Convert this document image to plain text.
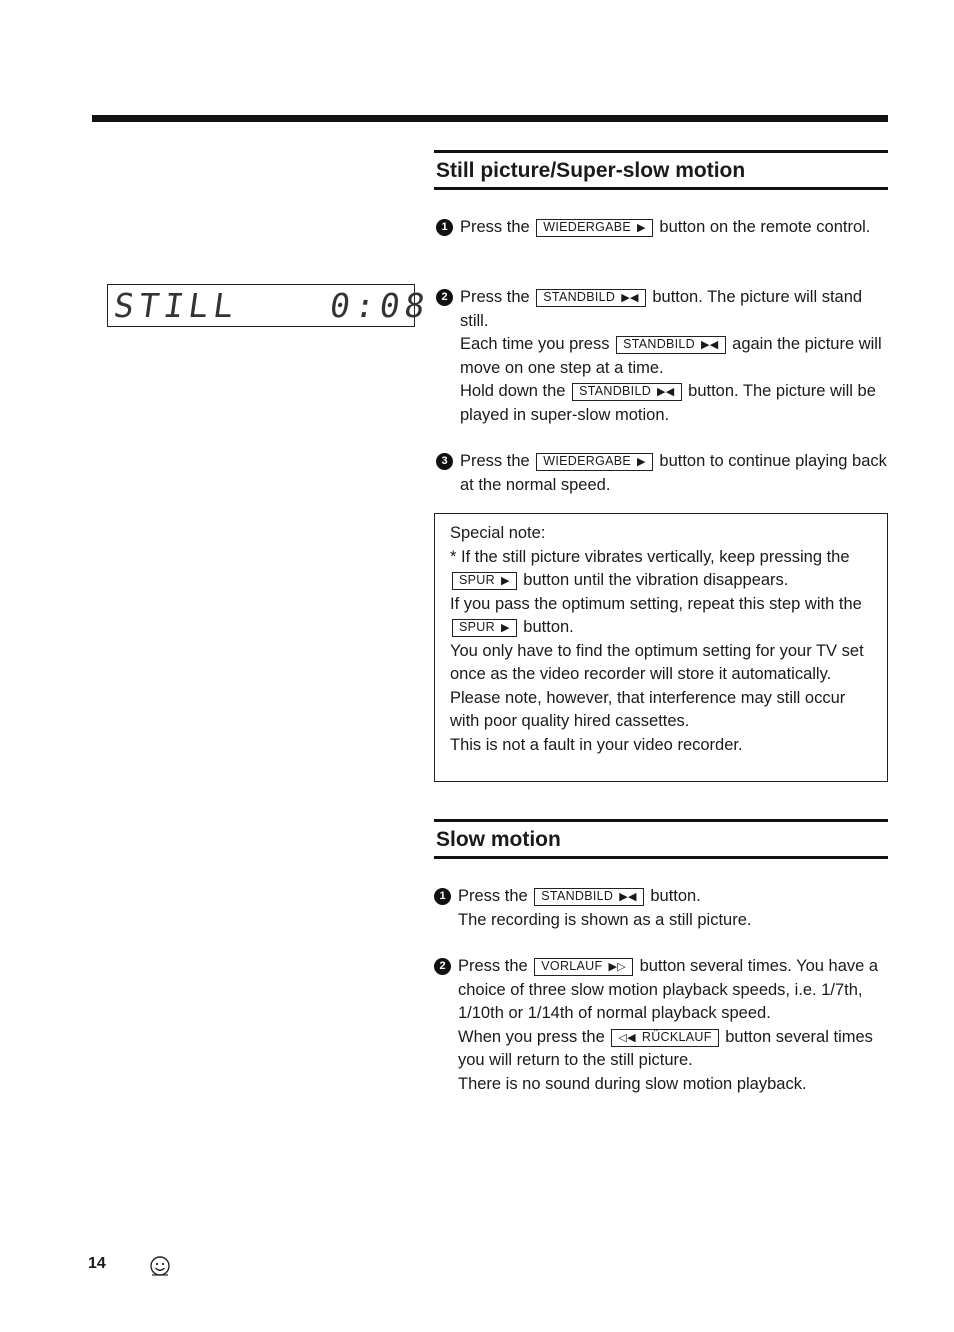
STILL	0:08
Still picture/Super-slow motion
1 Press the WIEDERGABE ▶ button on the remote control.

2 Press the STANDBILD ▶◀ button. The picture will stand still.

Each time you press STANDBILD ▶◀ again the picture will move on one step at a time.

Hold down the STANDBILD ▶◀ button. The picture will be played in super-slow motion.

3 Press the WIEDERGABE ▶ button to continue playing back at the normal speed.

Special note:

* If the still picture vibrates vertically, keep pressing the SPUR ▶ button until the vibration disappears.

If you pass the optimum setting, repeat this step with the SPUR ▶ button.

You only have to find the optimum setting for your TV set once as the video recorder will store it automatically.

Please note, however, that interference may still occur with poor quality hired cassettes.

This is not a fault in your video recorder.

Slow motion
1 Press the STANDBILD ▶◀ button.

The recording is shown as a still picture.

2 Press the VORLAUF ▶▷ button several times. You have a choice of three slow motion playback speeds, i.e. 1/7th, 1/10th or 1/14th of normal playback speed.

When you press the ◁◀ RÜCKLAUF button several times you will return to the still picture.

There is no sound during slow motion playback.

14
